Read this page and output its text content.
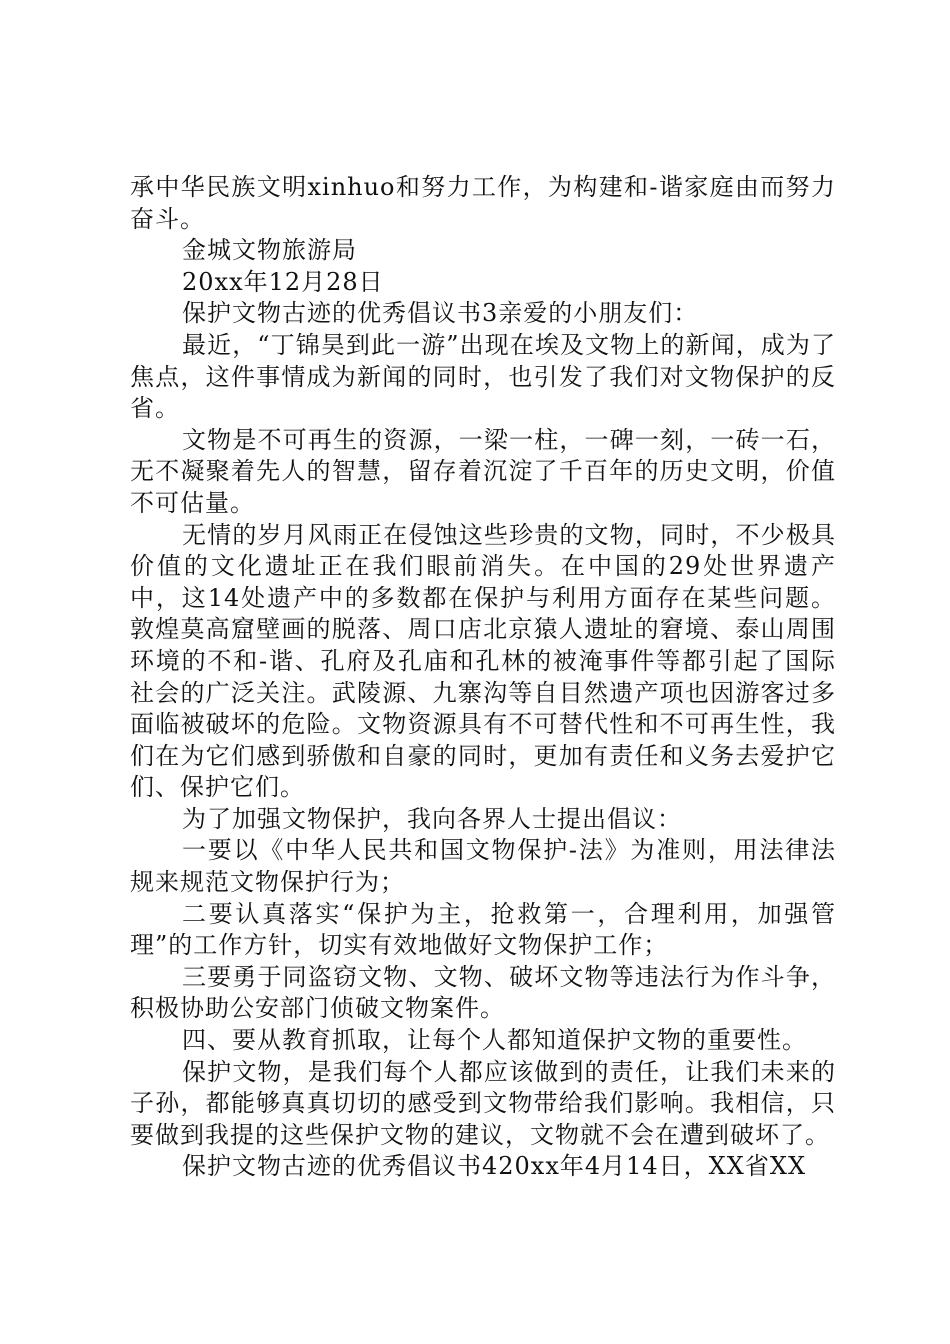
承中华民族文明xinhuo和努力工作，为构建和-谐家庭由而努力奋斗。

金城文物旅游局

20xx年12月28日

保护文物古迹的优秀倡议书3亲爱的小朋友们：

最近，“丁锦昊到此一游”出现在埃及文物上的新闻，成为了焦点，这件事情成为新闻的同时，也引发了我们对文物保护的反省。

文物是不可再生的资源，一梁一柱，一碑一刻，一砖一石，无不凝聚着先人的智慧，留存着沉淀了千百年的历史文明，价值不可估量。

无情的岁月风雨正在侵蚀这些珍贵的文物，同时，不少极具价值的文化遗址正在我们眼前消失。在中国的29处世界遗产中，这14处遗产中的多数都在保护与利用方面存在某些问题。敦煌莫高窟壁画的脱落、周口店北京猿人遗址的窘境、泰山周围环境的不和-谐、孔府及孔庙和孔林的被淹事件等都引起了国际社会的广泛关注。武陵源、九寨沟等自目然遗产项也因游客过多面临被破坏的危险。文物资源具有不可替代性和不可再生性，我们在为它们感到骄傲和自豪的同时，更加有责任和义务去爱护它们、保护它们。

为了加强文物保护，我向各界人士提出倡议：

一要以《中华人民共和国文物保护-法》为准则，用法律法规来规范文物保护行为；

二要认真落实“保护为主，抢救第一，合理利用，加强管理”的工作方针，切实有效地做好文物保护工作；

三要勇于同盗窃文物、文物、破坏文物等违法行为作斗争，积极协助公安部门侦破文物案件。

四、要从教育抓取，让每个人都知道保护文物的重要性。

保护文物，是我们每个人都应该做到的责任，让我们未来的子孙，都能够真真切切的感受到文物带给我们影响。我相信，只要做到我提的这些保护文物的建议，文物就不会在遭到破坏了。

保护文物古迹的优秀倡议书420xx年4月14日，XX省XX
